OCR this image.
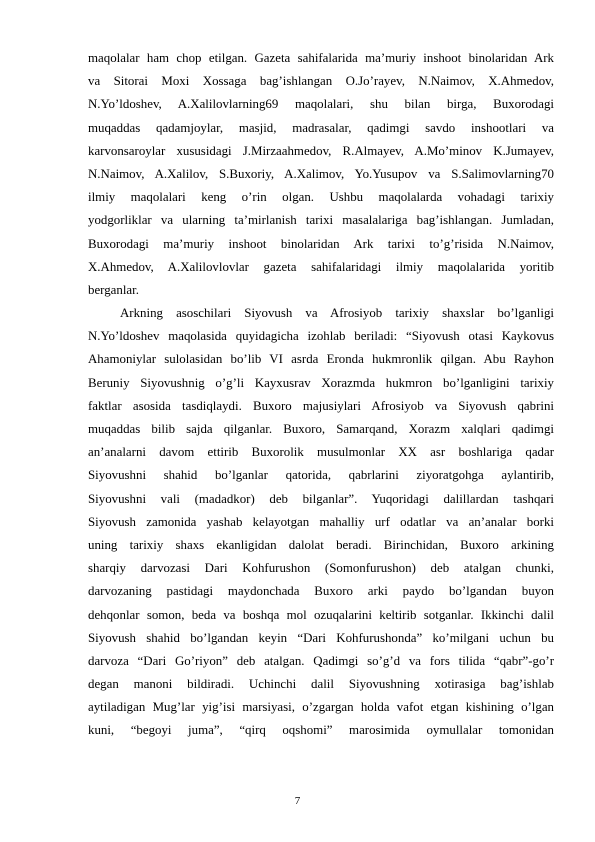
maqolalar ham chop etilgan. Gazeta sahifalarida ma’muriy inshoot binolaridan Ark
va Sitorai Moxi Xossaga bag’ishlangan O.Jo’rayev, N.Naimov, X.Ahmedov,
N.Yo’ldoshev, A.Xalilovlarning69 maqolalari, shu bilan birga, Buxorodagi
muqaddas qadamjoylar, masjid, madrasalar, qadimgi savdo inshootlari va
karvonsaroylar xususidagi J.Mirzaahmedov, R.Almayev, A.Mo’minov K.Jumayev,
N.Naimov, A.Xalilov, S.Buxoriy, A.Xalimov, Yo.Yusupov va S.Salimovlarning70
ilmiy maqolalari keng o’rin olgan. Ushbu maqolalarda vohadagi tarixiy
yodgorliklar va ularning ta’mirlanish tarixi masalalariga bag’ishlangan. Jumladan,
Buxorodagi ma’muriy inshoot binolaridan Ark tarixi to’g’risida N.Naimov,
X.Ahmedov, A.Xalilovlovlar gazeta sahifalaridagi ilmiy maqolalarida yoritib
berganlar.
Arkning asoschilari Siyovush va Afrosiyob tarixiy shaxslar bo’lganligi
N.Yo’ldoshev maqolasida quyidagicha izohlab beriladi: “Siyovush otasi Kaykovus
Ahamoniylar sulolasidan bo’lib VI asrda Eronda hukmronlik qilgan. Abu Rayhon
Beruniy Siyovushnig o’g’li Kayxusrav Xorazmda hukmron bo’lganligini tarixiy
faktlar asosida tasdiqlaydi. Buxoro majusiylari Afrosiyob va Siyovush qabrini
muqaddas bilib sajda qilganlar. Buxoro, Samarqand, Xorazm xalqlari qadimgi
an’analarni davom ettirib Buxorolik musulmonlar XX asr boshlariga qadar
Siyovushni shahid bo’lganlar qatorida, qabrlarini ziyoratgohga aylantirib,
Siyovushni vali (madadkor) deb bilganlar”. Yuqoridagi dalillardan tashqari
Siyovush zamonida yashab kelayotgan mahalliy urf odatlar va an’analar borki
uning tarixiy shaxs ekanligidan dalolat beradi. Birinchidan, Buxoro arkining
sharqiy darvozasi Dari Kohfurushon (Somonfurushon) deb atalgan chunki,
darvozaning pastidagi maydonchada Buxoro arki paydo bo’lgandan buyon
dehqonlar somon, beda va boshqa mol ozuqalarini keltirib sotganlar. Ikkinchi dalil
Siyovush shahid bo’lgandan keyin “Dari Kohfurushonda” ko’milgani uchun bu
darvoza “Dari Go’riyon” deb atalgan. Qadimgi so’g’d va fors tilida “qabr”-go’r
degan manoni bildiradi. Uchinchi dalil Siyovushning xotirasiga bag’ishlab
aytiladigan Mug’lar yig’isi marsiyasi, o’zgargan holda vafot etgan kishining o’lgan
kuni, “begoyi juma”, “qirq oqshomi” marosimida oymullalar tomonidan
7
